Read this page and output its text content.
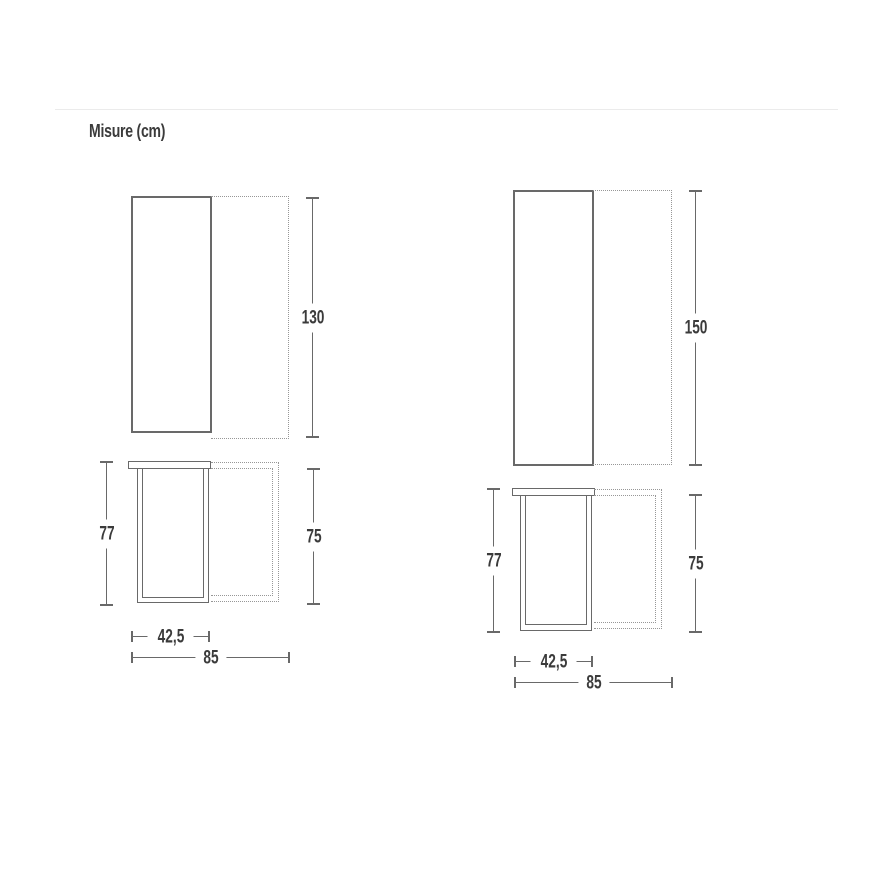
Misure (cm)
130
77	75
42,5
85
150
77	75
42,5
85
